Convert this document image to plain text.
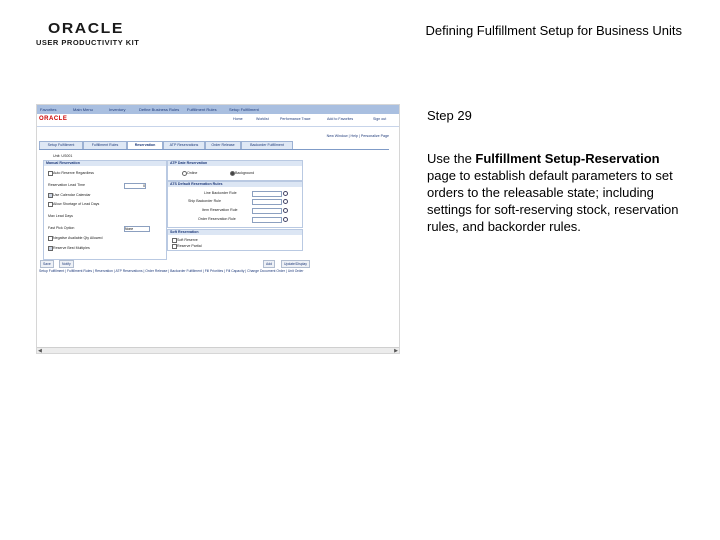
ORACLE
USER PRODUCTIVITY KIT
Defining Fulfillment Setup for Business Units
Favorites	Main Menu	Inventory	Define Business Rules Fulfillment Rules	Setup Fulfillment
ORACLE	Home	Worklist	Performance Trace	Add to Favorites	Sign out
New Window | Help | Personalize Page
Setup Fulfillment	Fulfillment Rules	Reservation	ATP Reservations	Order Release	Backorder Fulfillment
Unit: US001
Manual Reservation
Auto Reserve Regardless
Reservation Lead Time	0
Use Calendar Calendar
Allow Shortage of Lead Days
Max Lead Days
Fast Pick Option	None
Negative Available Qty Allowed
Reserve Best Multiples
ATP Date Reservation
Online	Background
ATS Default Reservation Rules
Line Backorder Rule
Ship Backorder Rule
Item Reservation Rule
Order Reservation Rule
Soft Reservation
Soft Reserve
Reserve Partial
Save	Notify	Add	Update/Display
Setup Fulfillment | Fulfillment Rules | Reservation | ATP Reservations | Order Release | Backorder Fulfillment | Fill Priorities | Fill Capacity | Change Document Order | Unit Order
◀	▶
Step 29
Use the Fulfillment Setup-Reservation page to establish default parameters to set orders to the releasable state; including settings for soft-reserving stock, reservation rules, and backorder rules.
